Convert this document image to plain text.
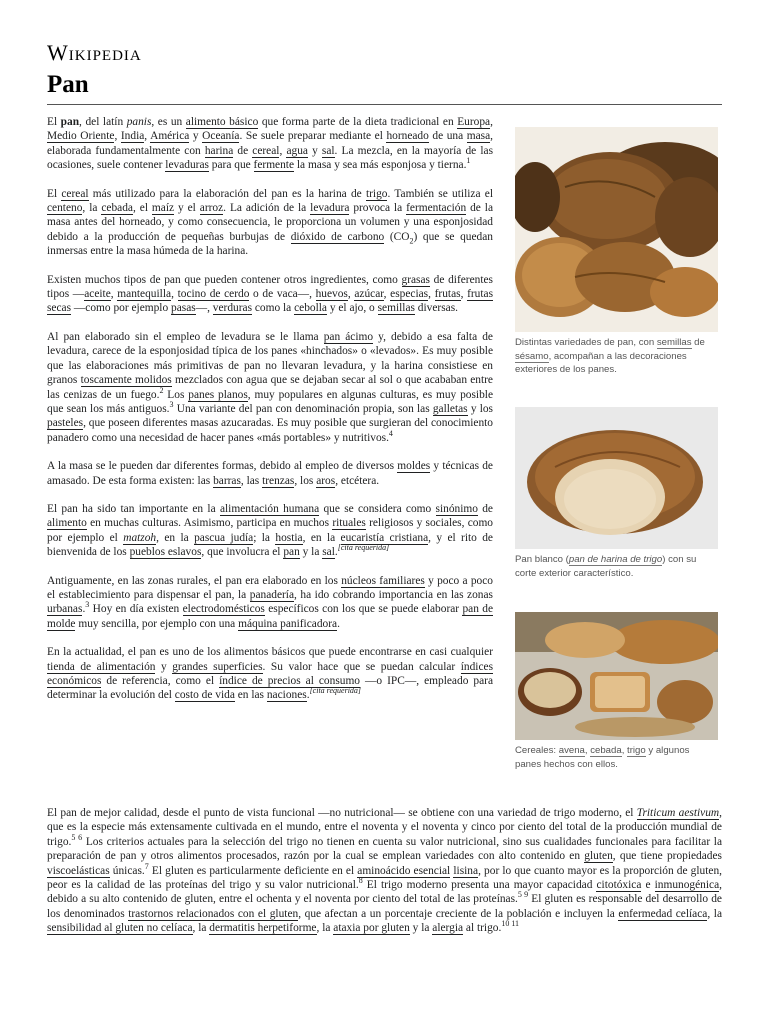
Wikipedia
Pan

El pan, del latín panis, es un alimento básico que forma parte de la dieta tradicional en Europa, Medio Oriente, India, América y Oceanía. Se suele preparar mediante el horneado de una masa, elaborada fundamentalmente con harina de cereal, agua y sal. La mezcla, en la mayoría de las ocasiones, suele contener levaduras para que fermente la masa y sea más esponjosa y tierna.$^1$

El cereal más utilizado para la elaboración del pan es la harina de trigo. También se utiliza el centeno, la cebada, el maíz y el arroz. La adición de la levadura provoca la fermentación de la masa antes del horneado, y como consecuencia, le proporciona un volumen y una esponjosidad debido a la producción de pequeñas burbujas de dióxido de carbono $(CO_2)$ que se quedan inmersas entre la masa húmeda de la harina.

Existen muchos tipos de pan que pueden contener otros ingredientes, como grasas de diferentes tipos —aceite, mantequilla, tocino de cerdo o de vaca—, huevos, azúcar, especias, frutas, frutas secas —como por ejemplo pasas—, verduras como la cebolla y el ajo, o semillas diversas.

Al pan elaborado sin el empleo de levadura se le llama pan ácimo y, debido a esa falta de levadura, carece de la esponjosidad típica de los panes «hinchados» o «levados». Es muy posible que las elaboraciones más primitivas de pan no llevaran levadura, y la harina consistiese en granos toscamente molidos mezclados con agua que se dejaban secar al sol o que acababan entre las cenizas de un fuego.$^2$ Los panes planos, muy populares en algunas culturas, es muy posible que sean los más antiguos.$^3$ Una variante del pan con denominación propia, son las galletas y los pasteles, que poseen diferentes masas azucaradas. Es muy posible que surgieran del conocimiento panadero como una necesidad de hacer panes «más portables» y nutritivos.$^4$

A la masa se le pueden dar diferentes formas, debido al empleo de diversos moldes y técnicas de amasado. De esta forma existen: las barras, las trenzas, los aros, etcétera.

El pan ha sido tan importante en la alimentación humana que se considera como sinónimo de alimento en muchas culturas. Asimismo, participa en muchos rituales religiosos y sociales, como por ejemplo el matzoh, en la pascua judía; la hostia, en la eucaristía cristiana, y el rito de bienvenida de los pueblos eslavos, que involucra el pan y la sal.[cita requerida]

Antiguamente, en las zonas rurales, el pan era elaborado en los núcleos familiares y poco a poco el establecimiento para dispensar el pan, la panadería, ha ido cobrando importancia en las zonas urbanas.$^3$ Hoy en día existen electrodomésticos específicos con los que se puede elaborar pan de molde muy sencilla, por ejemplo con una máquina panificadora.

En la actualidad, el pan es uno de los alimentos básicos que puede encontrarse en casi cualquier tienda de alimentación y grandes superficies. Su valor hace que se puedan calcular índices económicos de referencia, como el índice de precios al consumo —o IPC—, empleado para determinar la evolución del costo de vida en las naciones.[cita requerida]

Distintas variedades de pan, con semillas de sésamo, acompañan a las decoraciones exteriores de los panes.
Pan blanco (pan de harina de trigo) con su corte exterior característico.
Cereales: avena, cebada, trigo y algunos panes hechos con ellos.

El pan de mejor calidad, desde el punto de vista funcional —no nutricional— se obtiene con una variedad de trigo moderno, el Triticum aestivum, que es la especie más extensamente cultivada en el mundo, entre el noventa y el noventa y cinco por ciento del total de la producción mundial de trigo.$^{5 6}$ Los criterios actuales para la selección del trigo no tienen en cuenta su valor nutricional, sino sus cualidades funcionales para facilitar la preparación de pan y otros alimentos procesados, razón por la cual se emplean variedades con alto contenido en gluten, que tiene propiedades viscoelásticas únicas.$^7$ El gluten es particularmente deficiente en el aminoácido esencial lisina, por lo que cuanto mayor es la proporción de gluten, peor es la calidad de las proteínas del trigo y su valor nutricional.$^8$ El trigo moderno presenta una mayor capacidad citotóxica e inmunogénica, debido a su alto contenido de gluten, entre el ochenta y el noventa por ciento del total de las proteínas.$^{5 9}$ El gluten es responsable del desarrollo de los denominados trastornos relacionados con el gluten, que afectan a un porcentaje creciente de la población e incluyen la enfermedad celíaca, la sensibilidad al gluten no celíaca, la dermatitis herpetiforme, la ataxia por gluten y la alergia al trigo.$^{10 11}$
